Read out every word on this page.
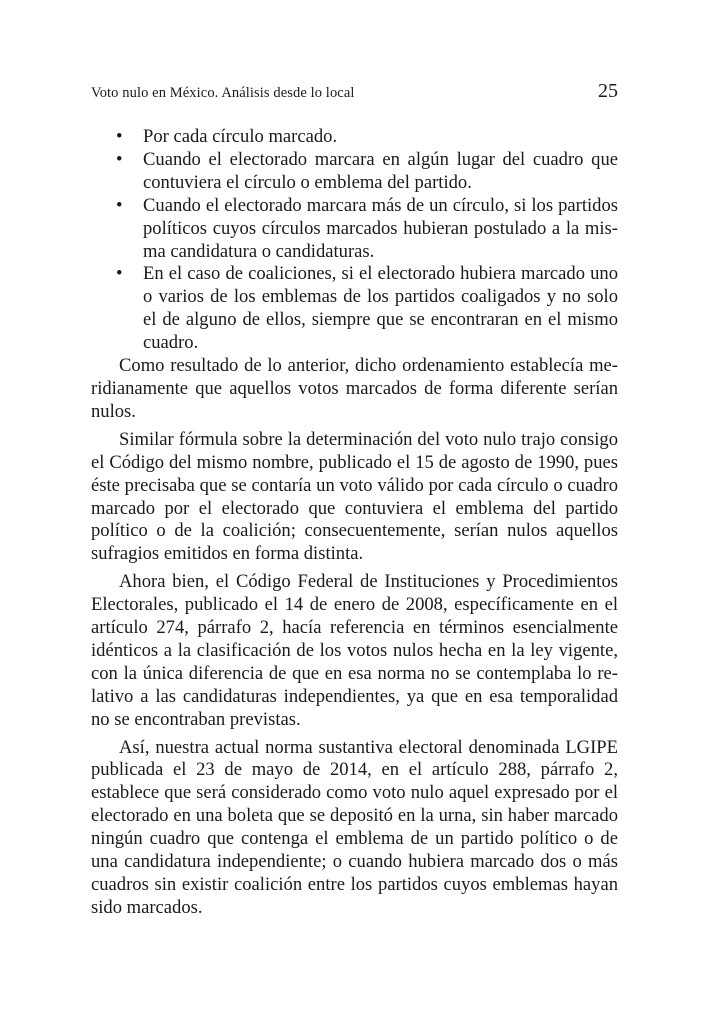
Voto nulo en México. Análisis desde lo local	25
• Por cada círculo marcado.
• Cuando el electorado marcara en algún lugar del cuadro que contuviera el círculo o emblema del partido.
• Cuando el electorado marcara más de un círculo, si los partidos políticos cuyos círculos marcados hubieran postulado a la misma candidatura o candidaturas.
• En el caso de coaliciones, si el electorado hubiera marcado uno o varios de los emblemas de los partidos coaligados y no solo el de alguno de ellos, siempre que se encontraran en el mismo cuadro.

Como resultado de lo anterior, dicho ordenamiento establecía meridianamente que aquellos votos marcados de forma diferente serían nulos.

Similar fórmula sobre la determinación del voto nulo trajo consigo el Código del mismo nombre, publicado el 15 de agosto de 1990, pues éste precisaba que se contaría un voto válido por cada círculo o cuadro marcado por el electorado que contuviera el emblema del partido político o de la coalición; consecuentemente, serían nulos aquellos sufragios emitidos en forma distinta.

Ahora bien, el Código Federal de Instituciones y Procedimientos Electorales, publicado el 14 de enero de 2008, específicamente en el artículo 274, párrafo 2, hacía referencia en términos esencialmente idénticos a la clasificación de los votos nulos hecha en la ley vigente, con la única diferencia de que en esa norma no se contemplaba lo relativo a las candidaturas independientes, ya que en esa temporalidad no se encontraban previstas.

Así, nuestra actual norma sustantiva electoral denominada LGIPE publicada el 23 de mayo de 2014, en el artículo 288, párrafo 2, establece que será considerado como voto nulo aquel expresado por el electorado en una boleta que se depositó en la urna, sin haber marcado ningún cuadro que contenga el emblema de un partido político o de una candidatura independiente; o cuando hubiera marcado dos o más cuadros sin existir coalición entre los partidos cuyos emblemas hayan sido marcados.
